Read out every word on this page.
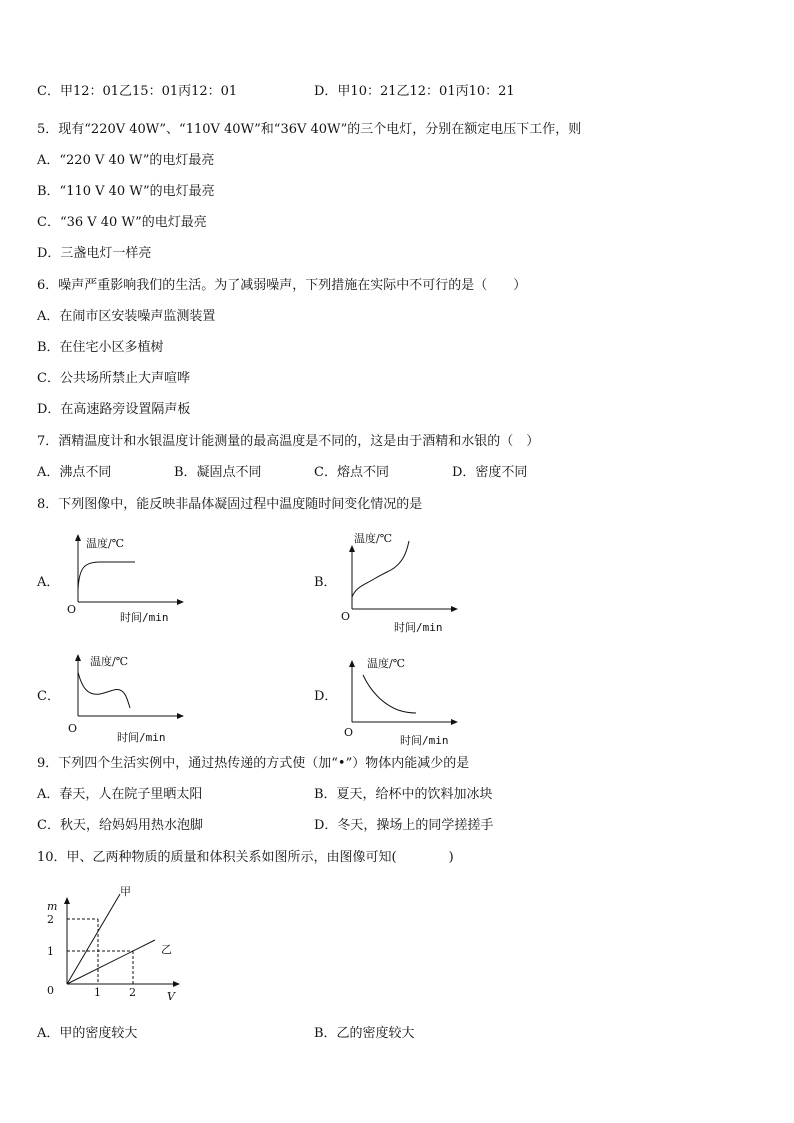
C．甲12：01乙15：01丙12：01	D．甲10：21乙12：01丙10：21
5．现有“220V 40W”、“110V 40W”和“36V 40W”的三个电灯，分别在额定电压下工作，则
A．“220 V 40 W”的电灯最亮
B．“110 V 40 W”的电灯最亮
C．“36 V 40 W”的电灯最亮
D．三盏电灯一样亮
6．噪声严重影响我们的生活。为了减弱噪声，下列措施在实际中不可行的是（　　）
A．在闹市区安装噪声监测装置
B．在住宅小区多植树
C．公共场所禁止大声喧哗
D．在高速路旁设置隔声板
7．酒精温度计和水银温度计能测量的最高温度是不同的，这是由于酒精和水银的（　）
A．沸点不同	B．凝固点不同	C．熔点不同	D．密度不同
8．下列图像中，能反映非晶体凝固过程中温度随时间变化情况的是
A．	B．
C．	D．
温度/℃
O
时间/min
温度/℃
O
时间/min
温度/℃
O
时间/min
温度/℃
O
时间/min
9．下列四个生活实例中，通过热传递的方式使（加“•”）物体内能减少的是
A．春天，人在院子里晒太阳	B．夏天，给杯中的饮料加冰块
C．秋天，给妈妈用热水泡脚	D．冬天，操场上的同学搓搓手
10．甲、乙两种物质的质量和体积关系如图所示，由图像可知(　　　　)
m
2
1
0	1	2	V
甲
乙
A．甲的密度较大	B．乙的密度较大
